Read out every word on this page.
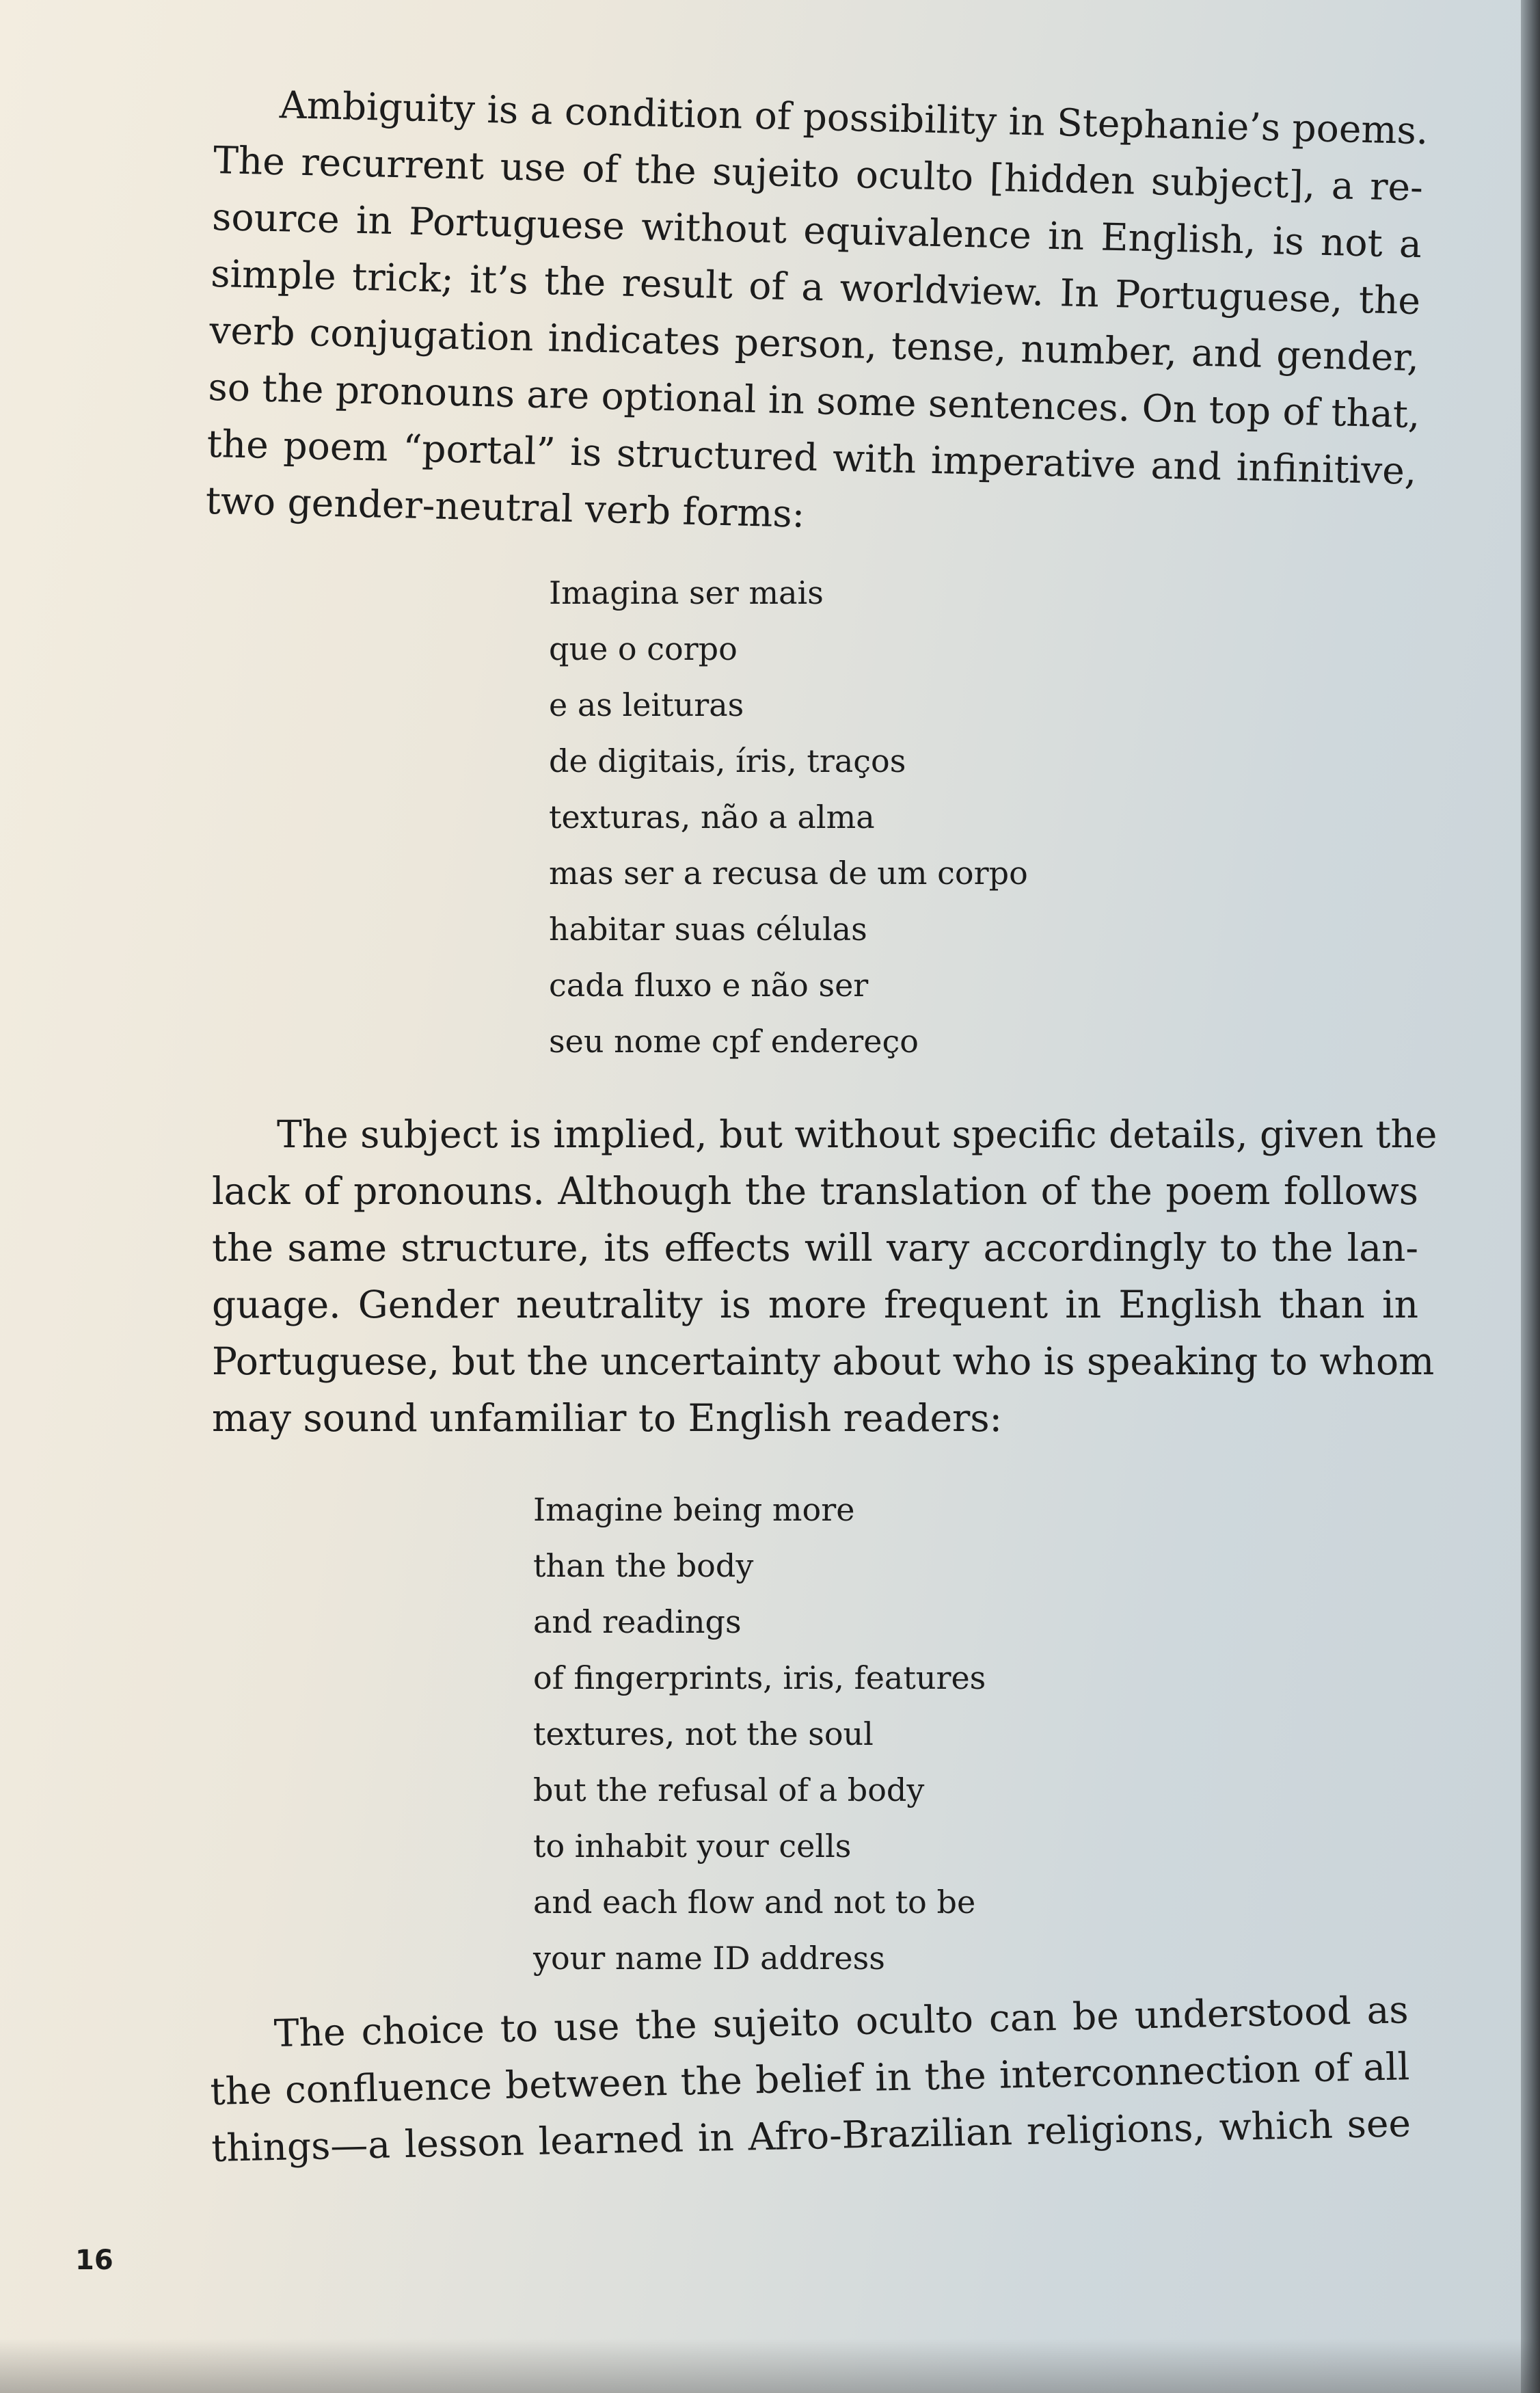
Ambiguity is a condition of possibility in Stephanie’s poems.
The recurrent use of the sujeito oculto [hidden subject], a re-
source in Portuguese without equivalence in English, is not a
simple trick; it’s the result of a worldview. In Portuguese, the
verb conjugation indicates person, tense, number, and gender,
so the pronouns are optional in some sentences. On top of that,
the poem “portal” is structured with imperative and infinitive,
two gender-neutral verb forms:
Imagina ser mais
que o corpo
e as leituras
de digitais, íris, traços
texturas, não a alma
mas ser a recusa de um corpo
habitar suas células
cada fluxo e não ser
seu nome cpf endereço
The subject is implied, but without specific details, given the
lack of pronouns. Although the translation of the poem follows
the same structure, its effects will vary accordingly to the lan-
guage. Gender neutrality is more frequent in English than in
Portuguese, but the uncertainty about who is speaking to whom
may sound unfamiliar to English readers:
Imagine being more
than the body
and readings
of fingerprints, iris, features
textures, not the soul
but the refusal of a body
to inhabit your cells
and each flow and not to be
your name ID address
The choice to use the sujeito oculto can be understood as
the confluence between the belief in the interconnection of all
things—a lesson learned in Afro-Brazilian religions, which see
16
